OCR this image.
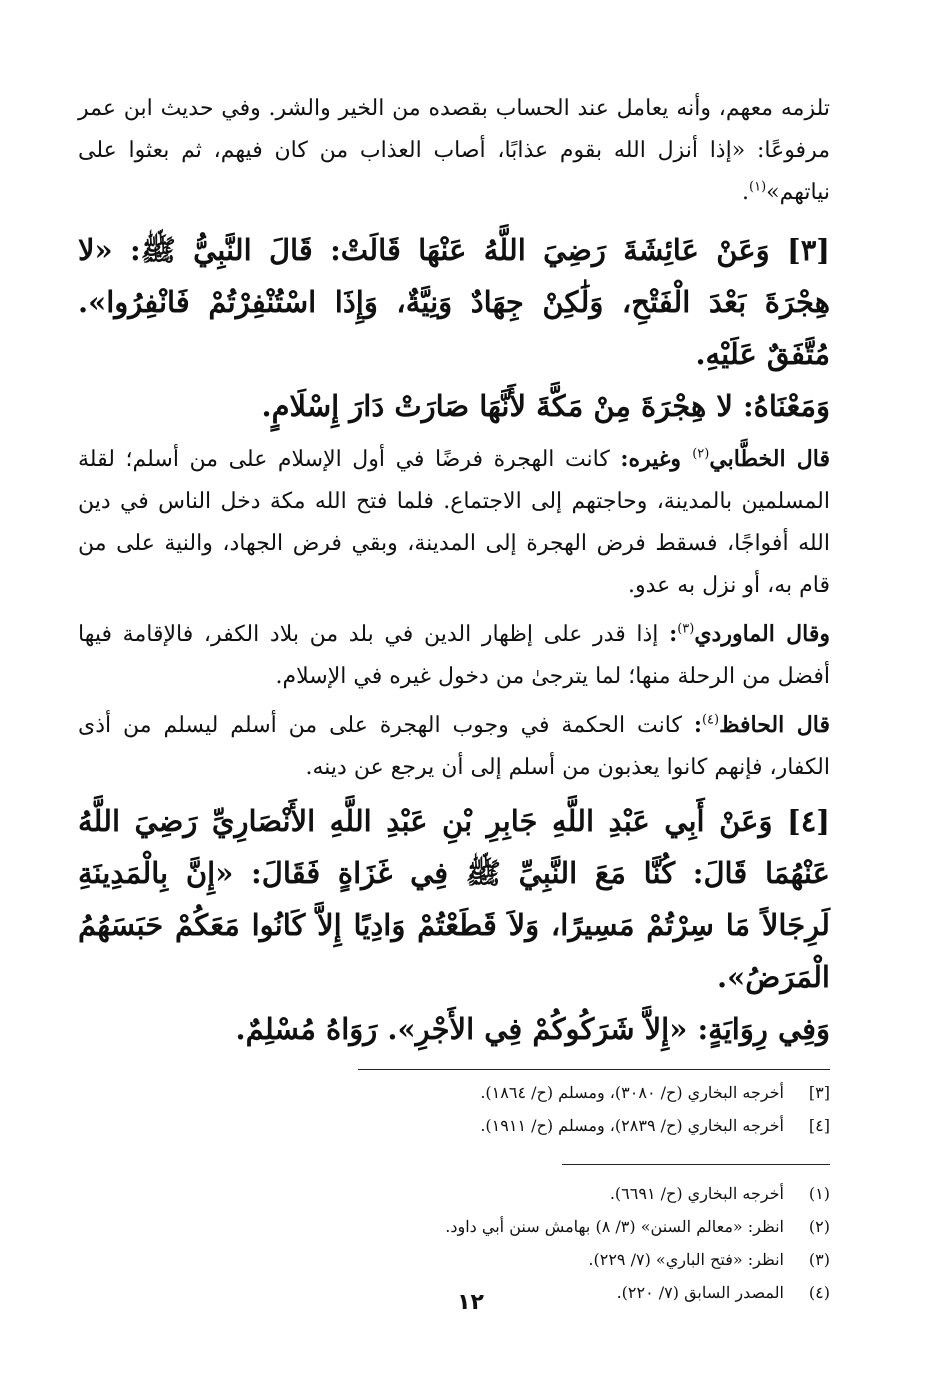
تلزمه معهم، وأنه يعامل عند الحساب بقصده من الخير والشر. وفي حديث ابن عمر مرفوعًا: «إذا أنزل الله بقوم عذابًا، أصاب العذاب من كان فيهم، ثم بعثوا على نياتهم»$^{(١)}$.

[٣] وَعَنْ عَائِشَةَ رَضِيَ اللَّهُ عَنْهَا قَالَتْ: قَالَ النَّبِيُّ ﷺ: «لا هِجْرَةَ بَعْدَ الْفَتْحِ، وَلَٰكِنْ جِهَادٌ وَنِيَّةٌ، وَإِذَا اسْتُنْفِرْتُمْ فَانْفِرُوا». مُتَّفَقٌ عَلَيْهِ.

وَمَعْنَاهُ: لا هِجْرَةَ مِنْ مَكَّةَ لأَنَّهَا صَارَتْ دَارَ إِسْلَامٍ.

قال الخطَّابي$^{(٢)}$ وغيره: كانت الهجرة فرضًا في أول الإسلام على من أسلم؛ لقلة المسلمين بالمدينة، وحاجتهم إلى الاجتماع. فلما فتح الله مكة دخل الناس في دين الله أفواجًا، فسقط فرض الهجرة إلى المدينة، وبقي فرض الجهاد، والنية على من قام به، أو نزل به عدو.

وقال الماوردي$^{(٣)}$: إذا قدر على إظهار الدين في بلد من بلاد الكفر، فالإقامة فيها أفضل من الرحلة منها؛ لما يترجىٰ من دخول غيره في الإسلام.

قال الحافظ$^{(٤)}$: كانت الحكمة في وجوب الهجرة على من أسلم ليسلم من أذى الكفار، فإنهم كانوا يعذبون من أسلم إلى أن يرجع عن دينه.

[٤] وَعَنْ أَبِي عَبْدِ اللَّهِ جَابِرِ بْنِ عَبْدِ اللَّهِ الأَنْصَارِيِّ رَضِيَ اللَّهُ عَنْهُمَا قَالَ: كُنَّا مَعَ النَّبِيِّ ﷺ فِي غَزَاةٍ فَقَالَ: «إِنَّ بِالْمَدِينَةِ لَرِجَالاً مَا سِرْتُمْ مَسِيرًا، وَلاَ قَطَعْتُمْ وَادِيًا إِلاَّ كَانُوا مَعَكُمْ حَبَسَهُمُ الْمَرَضُ».

وَفِي رِوَايَةٍ: «إِلاَّ شَرَكُوكُمْ فِي الأَجْرِ». رَوَاهُ مُسْلِمٌ.

[٣]
أخرجه البخاري (ح/ ٣٠٨٠)، ومسلم (ح/ ١٨٦٤).
[٤]
أخرجه البخاري (ح/ ٢٨٣٩)، ومسلم (ح/ ١٩١١).
(١)
أخرجه البخاري (ح/ ٦٦٩١).
(٢)
انظر: «معالم السنن» (٣/ ٨) بهامش سنن أبي داود.
(٣)
انظر: «فتح الباري» (٧/ ٢٢٩).
(٤)
المصدر السابق (٧/ ٢٢٠).
١٢
